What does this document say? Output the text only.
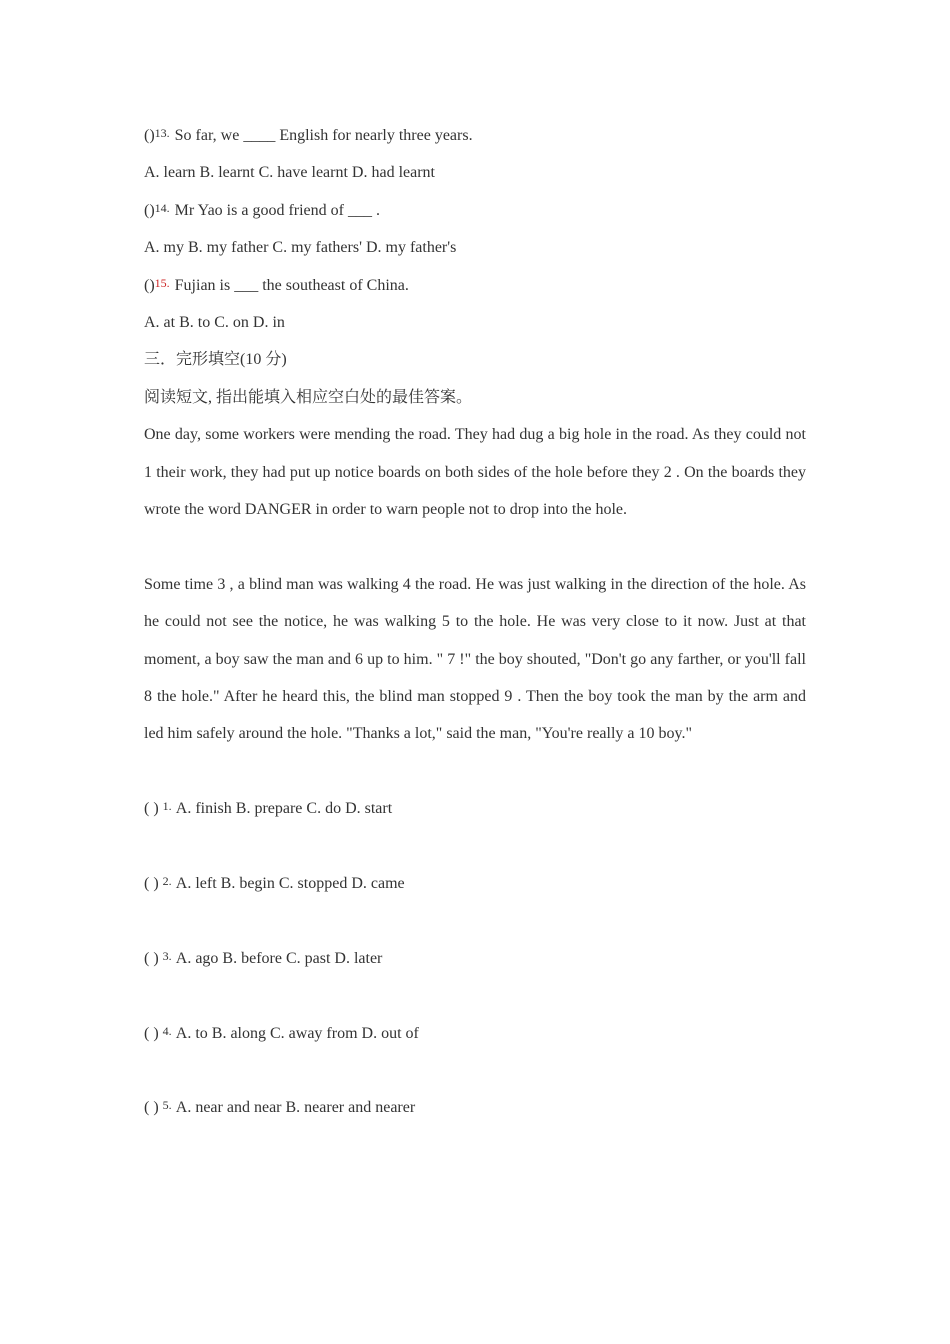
()13. So far, we ____ English for nearly three years.
A. learn B. learnt C. have learnt D. had learnt
()14. Mr Yao is a good friend of ___ .
A. my B. my father C. my fathers' D. my father's
()15. Fujian is ___ the southeast of China.
A. at B. to C. on D. in
三．完形填空(10 分)
阅读短文, 指出能填入相应空白处的最佳答案。

One day, some workers were mending the road. They had dug a big hole in the road. As they could not 1 their work, they had put up notice boards on both sides of the hole before they 2 . On the boards they wrote the word DANGER in order to warn people not to drop into the hole.

Some time 3 , a blind man was walking 4 the road. He was just walking in the direction of the hole. As he could not see the notice, he was walking 5 to the hole. He was very close to it now. Just at that moment, a boy saw the man and 6 up to him. " 7 !" the boy shouted, "Don't go any farther, or you'll fall 8 the hole." After he heard this, the blind man stopped 9 . Then the boy took the man by the arm and led him safely around the hole. "Thanks a lot," said the man, "You're really a 10 boy."

( ) 1. A. finish B. prepare C. do D. start
( ) 2. A. left B. begin C. stopped D. came
( ) 3. A. ago B. before C. past D. later
( ) 4. A. to B. along C. away from D. out of
( ) 5. A. near and near B. nearer and nearer
